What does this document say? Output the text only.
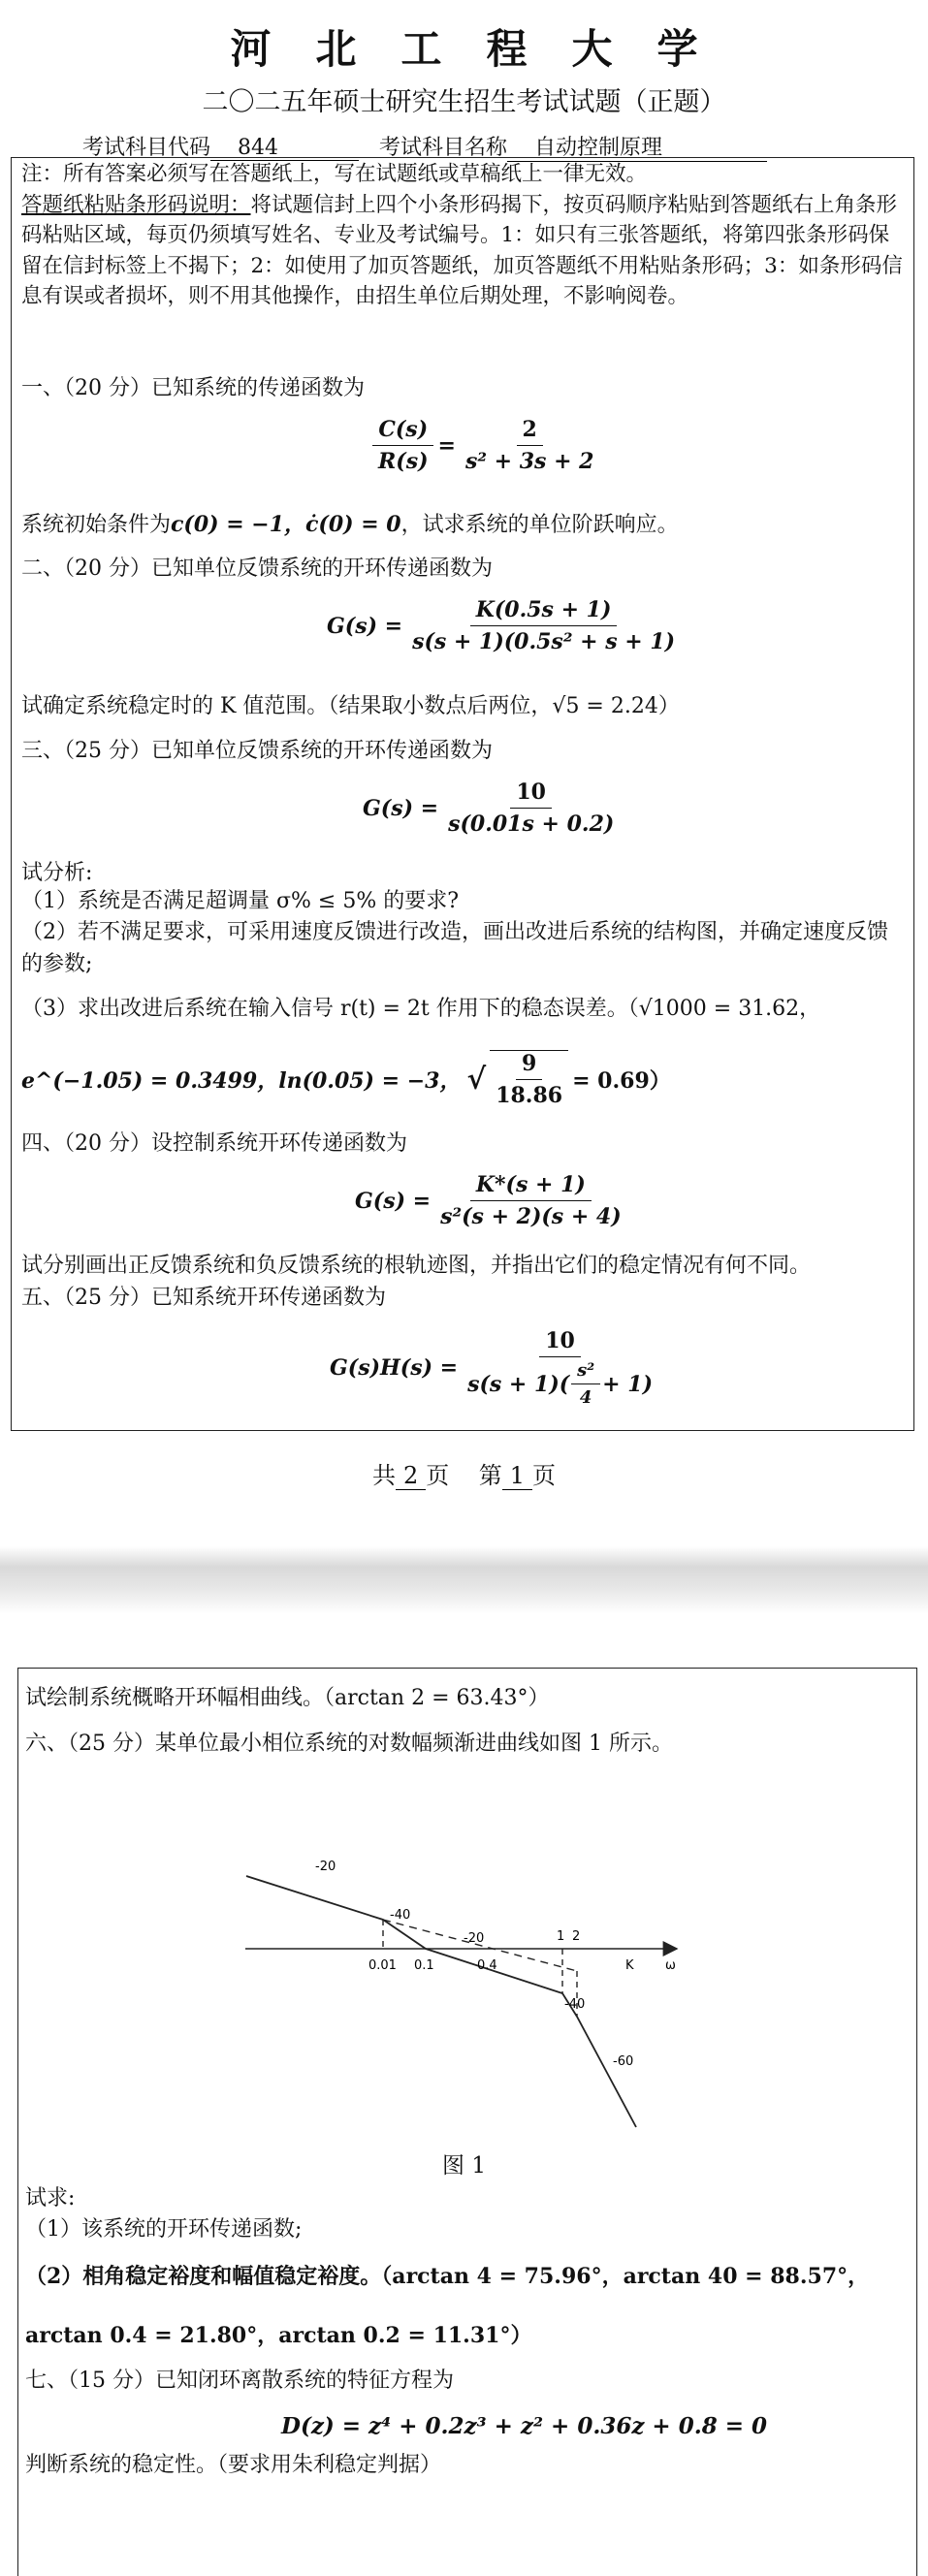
河北工程大学
二〇二五年硕士研究生招生考试试题（正题）
考试科目代码 844	考试科目名称 自动控制原理
注：所有答案必须写在答题纸上，写在试题纸或草稿纸上一律无效。
答题纸粘贴条形码说明：将试题信封上四个小条形码揭下，按页码顺序粘贴到答题纸右上角条形码粘贴区域，每页仍须填写姓名、专业及考试编号。1：如只有三张答题纸，将第四张条形码保留在信封标签上不揭下；2：如使用了加页答题纸，加页答题纸不用粘贴条形码；3：如条形码信息有误或者损坏，则不用其他操作，由招生单位后期处理，不影响阅卷。
一、（20 分）已知系统的传递函数为
$\frac{C(s)}{R(s)} = \frac{2}{\text{s² + 3s + 2}}$
系统初始条件为c(0) = −1，ċ(0) = 0，试求系统的单位阶跃响应。
二、（20 分）已知单位反馈系统的开环传递函数为
$G(s) = \frac{K(0.5s + 1)}{\text{s(s + 1)(0.5s² + s + 1)}}$
试确定系统稳定时的 K 值范围。（结果取小数点后两位，√5 = 2.24）
三、（25 分）已知单位反馈系统的开环传递函数为
$G(s) = \frac{10}{s(0.01s + 0.2)}$
试分析:
（1）系统是否满足超调量 σ% ≤ 5% 的要求?
（2）若不满足要求，可采用速度反馈进行改造，画出改进后系统的结构图，并确定速度反馈的参数;
（3）求出改进后系统在输入信号 r(t) = 2t 作用下的稳态误差。（√1000 = 31.62，
e^(−1.05) = 0.3499，ln(0.05) = −3， √ $\frac{9}{18.86} = 0.69$）
四、（20 分）设控制系统开环传递函数为
$G(s) = \frac{K*(s + 1)}{\text{s²(s + 2)(s + 4)}}$
试分别画出正反馈系统和负反馈系统的根轨迹图，并指出它们的稳定情况有何不同。
五、（25 分）已知系统开环传递函数为
$G(s)H(s) = \frac{10}{s(s + 1)( \frac{\text{s²}}{4} + 1)}$
共 2 页 第 1 页
试绘制系统概略开环幅相曲线。（arctan 2 = 63.43°）
六、（25 分）某单位最小相位系统的对数幅频渐进曲线如图 1 所示。
ω
-20
-40
-20
-40
-60
0.01 0.1	0.4
1 2
K
图 1
试求:
（1）该系统的开环传递函数;
（2）相角稳定裕度和幅值稳定裕度。（arctan 4 = 75.96°，arctan 40 = 88.57°，
arctan 0.4 = 21.80°，arctan 0.2 = 11.31°）
七、（15 分）已知闭环离散系统的特征方程为
D(z) = z⁴ + 0.2z³ + z² + 0.36z + 0.8 = 0
判断系统的稳定性。（要求用朱利稳定判据）
